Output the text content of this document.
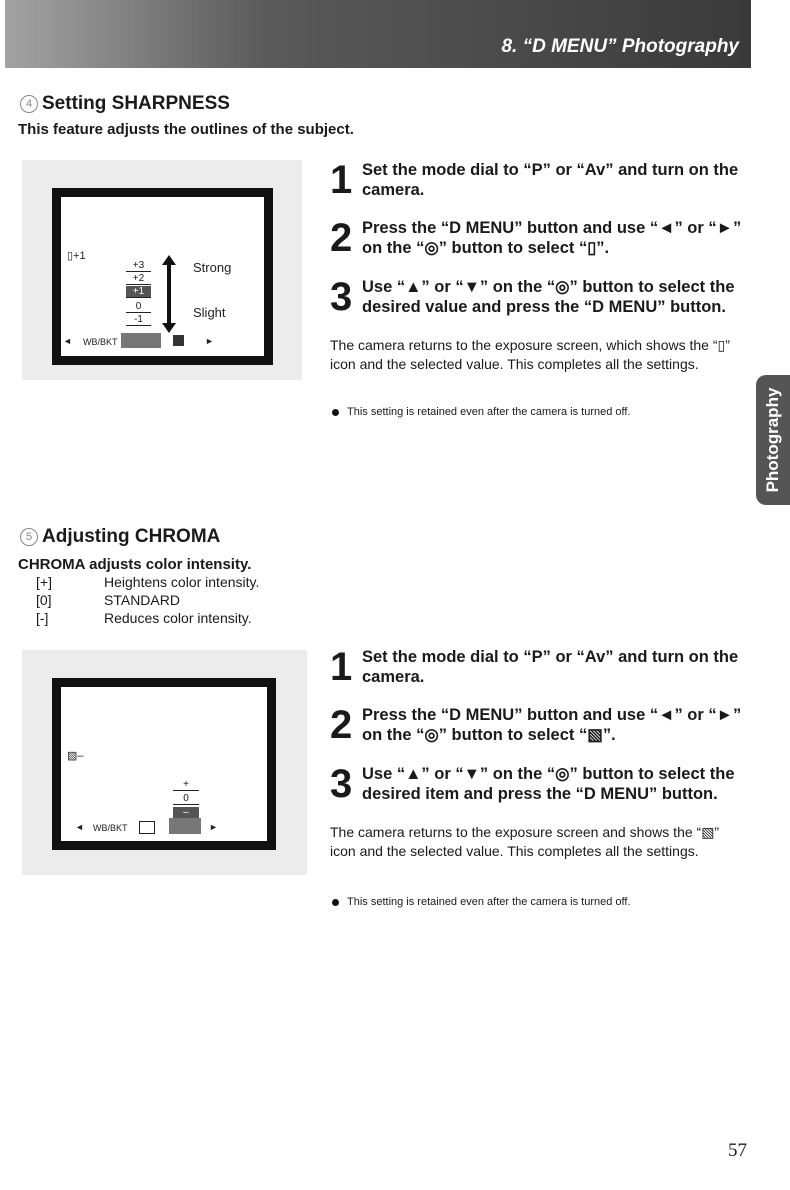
8. “D MENU” Photography
4 Setting SHARPNESS
This feature adjusts the outlines of the subject.
▯+1
+3
+2
+1
0
-1
Strong
Slight
◄ WB/BKT	►
1 Set the mode dial to “P” or “Av” and turn on the camera.
2 Press the “D MENU” button and use “◄” or “►” on the “◎” button to select “▯”.
3 Use “▲” or “▼” on the “◎” button to select the desired value and press the “D MENU” button.
The camera returns to the exposure screen, which shows the “▯” icon and the selected value. This completes all the settings.
This setting is retained even after the camera is turned off.	Photography
5 Adjusting CHROMA
CHROMA adjusts color intensity.
[+]	Heightens color intensity.
[0]	STANDARD
[-]	Reduces color intensity.
▧–
+
0
–
◄ WB/BKT	►
1 Set the mode dial to “P” or “Av” and turn on the camera.
2 Press the “D MENU” button and use “◄” or “►” on the “◎” button to select “▧”.
3 Use “▲” or “▼” on the “◎” button to select the desired item and press the “D MENU” button.
The camera returns to the exposure screen and shows the “▧” icon and the selected value. This completes all the settings.
This setting is retained even after the camera is turned off.
57
